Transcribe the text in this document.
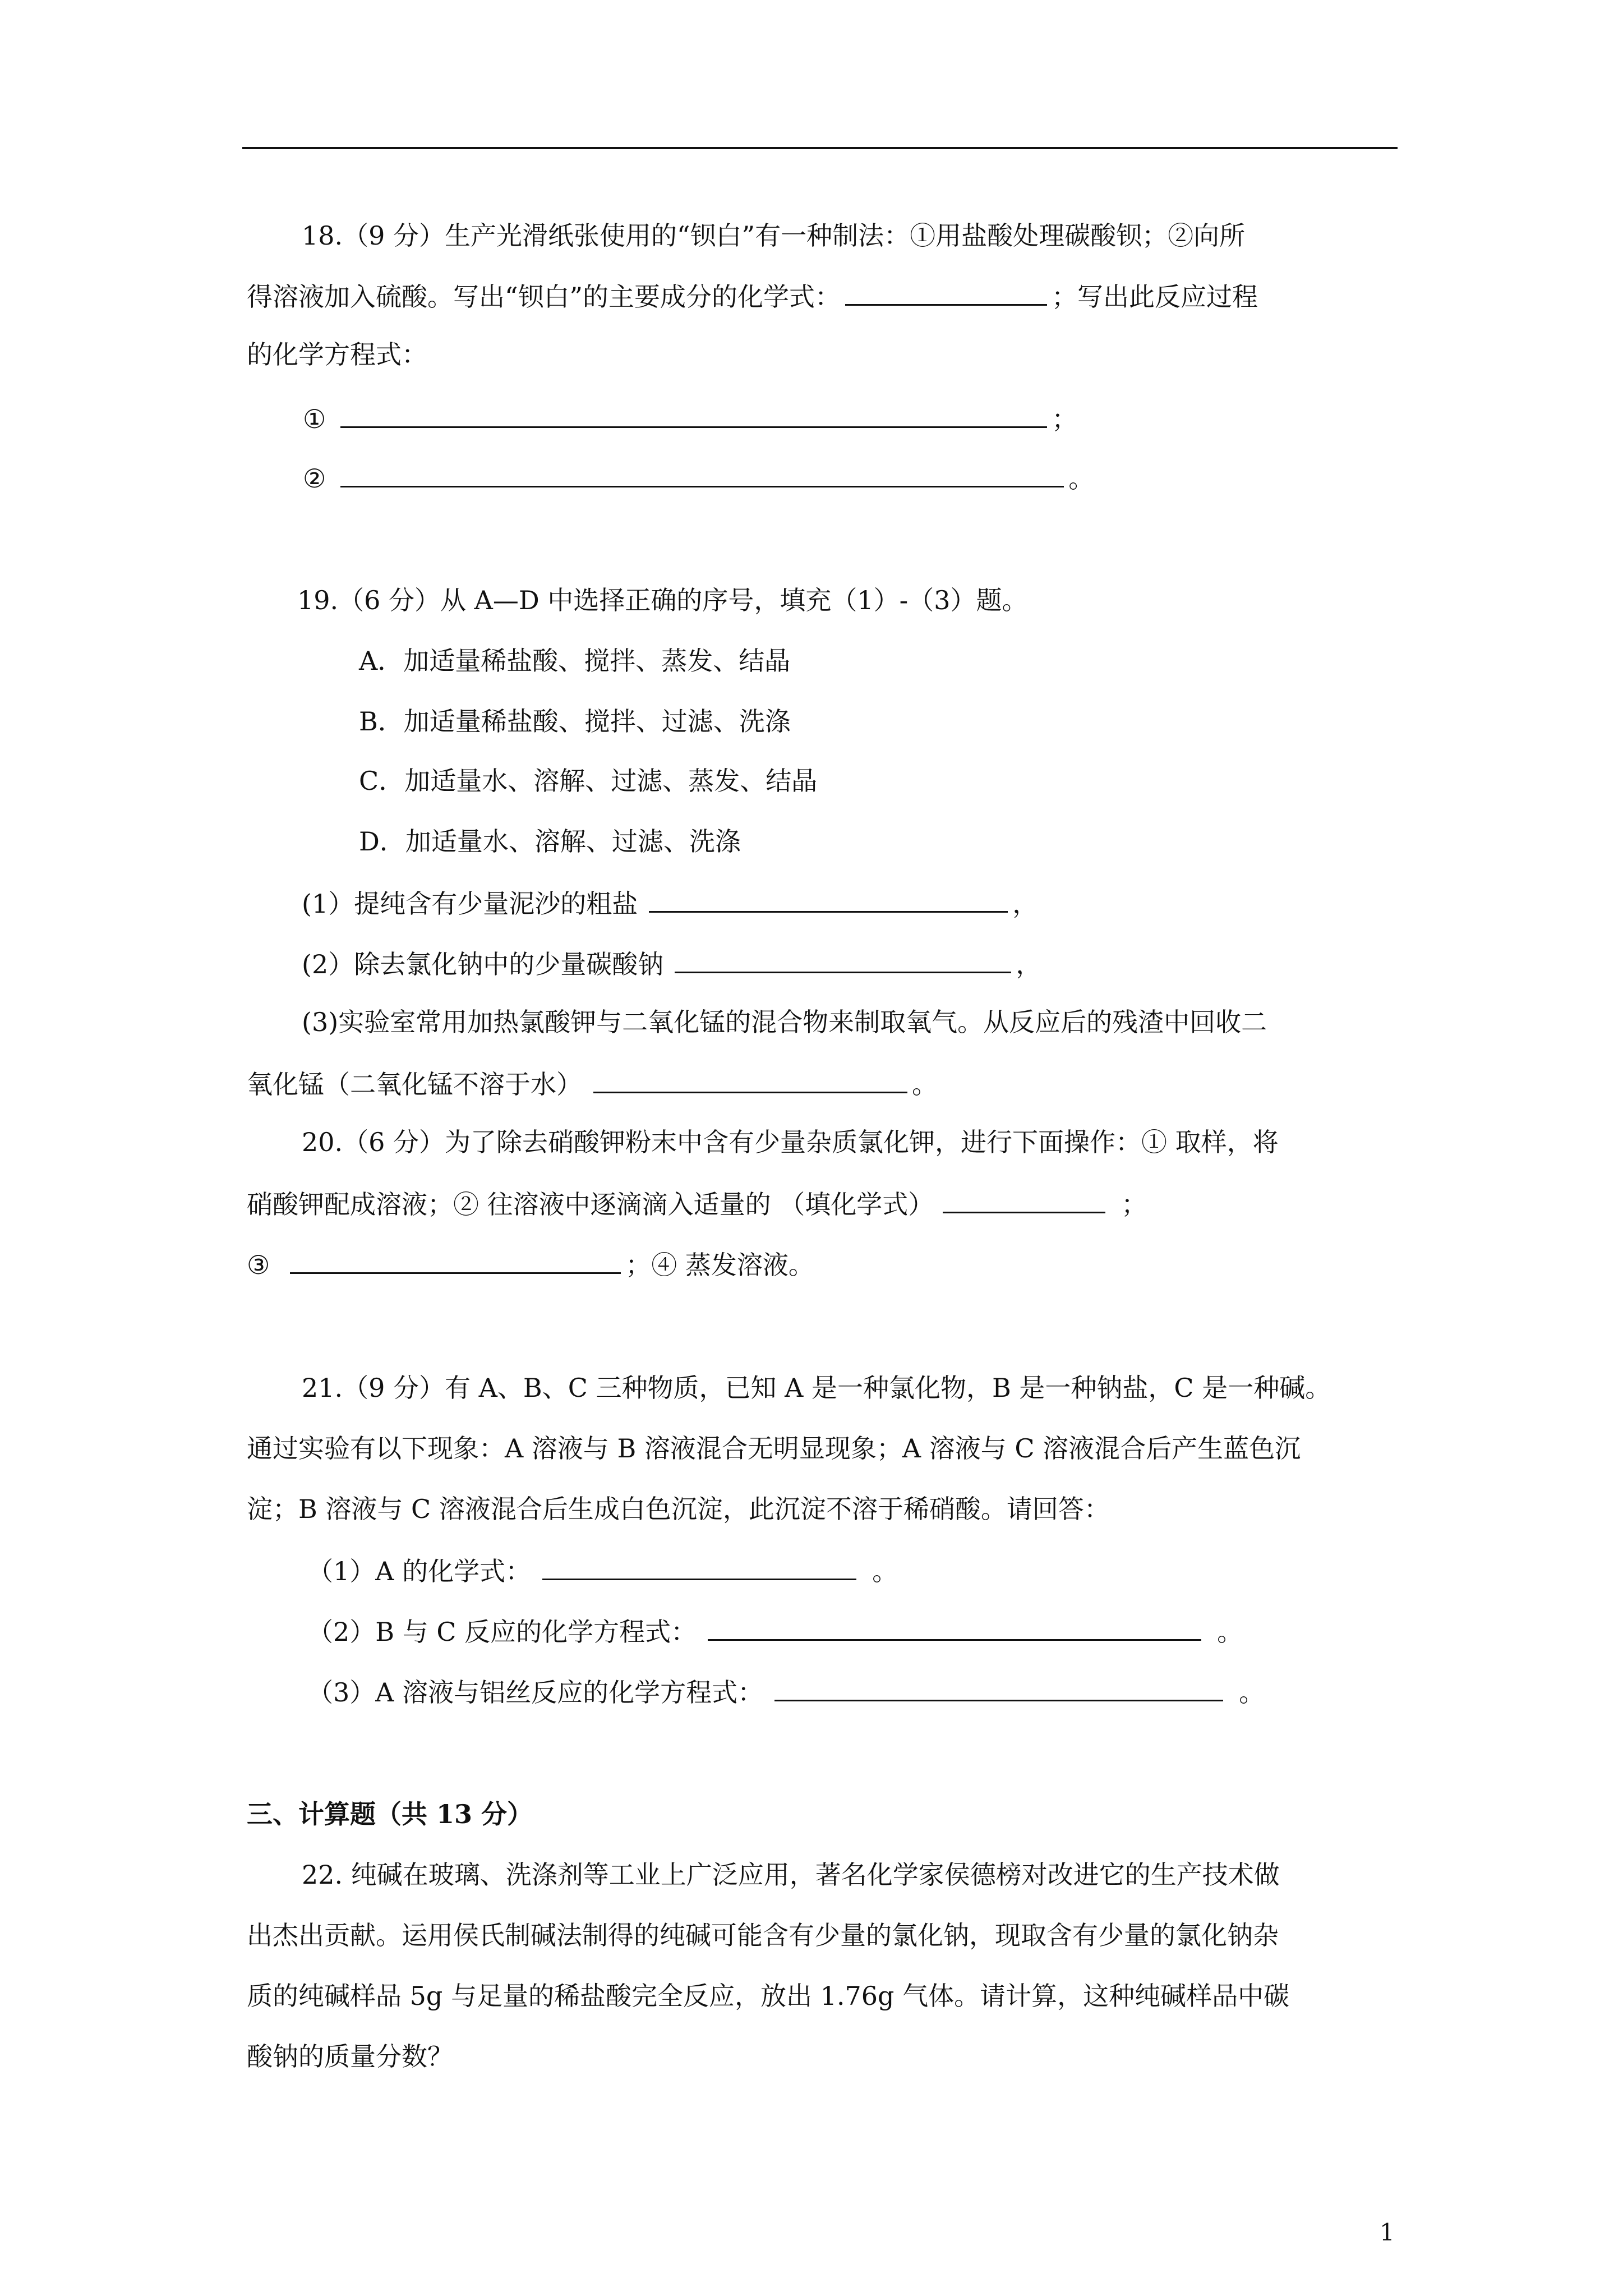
18.（9 分）生产光滑纸张使用的“钡白”有一种制法：①用盐酸处理碳酸钡；②向所
得溶液加入硫酸。写出“钡白”的主要成分的化学式：	；写出此反应过程
的化学方程式：
①	；
②	。
19.（6 分）从 A—D 中选择正确的序号，填充（1）-（3）题。
A．加适量稀盐酸、搅拌、蒸发、结晶
B．加适量稀盐酸、搅拌、过滤、洗涤
C．加适量水、溶解、过滤、蒸发、结晶
D．加适量水、溶解、过滤、洗涤
(1）提纯含有少量泥沙的粗盐	，
(2）除去氯化钠中的少量碳酸钠	，
(3)实验室常用加热氯酸钾与二氧化锰的混合物来制取氧气。从反应后的残渣中回收二
氧化锰（二氧化锰不溶于水）	。
20.（6 分）为了除去硝酸钾粉末中含有少量杂质氯化钾，进行下面操作：① 取样，将
硝酸钾配成溶液；② 往溶液中逐滴滴入适量的 （填化学式）	；
③	；④ 蒸发溶液。
21.（9 分）有 A、B、C 三种物质，已知 A 是一种氯化物，B 是一种钠盐，C 是一种碱。
通过实验有以下现象：A 溶液与 B 溶液混合无明显现象；A 溶液与 C 溶液混合后产生蓝色沉
淀；B 溶液与 C 溶液混合后生成白色沉淀，此沉淀不溶于稀硝酸。请回答：
（1）A 的化学式：	。
（2）B 与 C 反应的化学方程式：	。
（3）A 溶液与铝丝反应的化学方程式：	。
三、计算题（共 13 分）
22. 纯碱在玻璃、洗涤剂等工业上广泛应用，著名化学家侯德榜对改进它的生产技术做
出杰出贡献。运用侯氏制碱法制得的纯碱可能含有少量的氯化钠，现取含有少量的氯化钠杂
质的纯碱样品 5g 与足量的稀盐酸完全反应，放出 1.76g 气体。请计算，这种纯碱样品中碳
酸钠的质量分数？
1
